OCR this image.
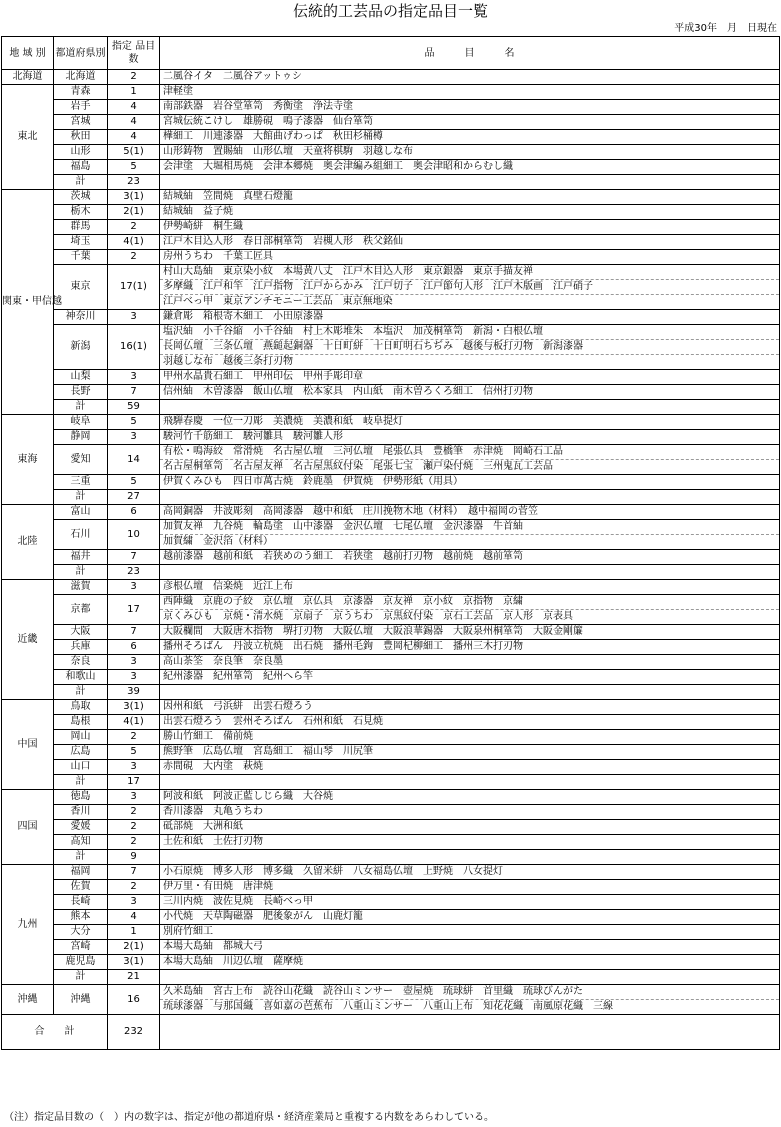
伝統的工芸品の指定品目一覧
平成30年　月　日現在
地 域 別	都道府県別	指定 品目 数	品　　　目　　　名
北海道	北海道	2	二風谷イタ　二風谷アットゥシ

東北	青森	1	津軽塗

	岩手	4	南部鉄器　岩谷堂箪笥　秀衡塗　浄法寺塗

	宮城	4	宮城伝統こけし　雄勝硯　鳴子漆器　仙台箪笥

	秋田	4	樺細工　川連漆器　大館曲げわっぱ　秋田杉桶樽

	山形	5(1)	山形鋳物　置賜紬　山形仏壇　天童将棋駒　羽越しな布

	福島	5	会津塗　大堀相馬焼　会津本郷焼　奥会津編み組細工　奥会津昭和からむし織

	計	23	
関東・甲信越	茨城	3(1)	結城紬　笠間焼　真壁石燈籠

	栃木	2(1)	結城紬　益子焼

	群馬	2	伊勢崎絣　桐生織

	埼玉	4(1)	江戸木目込人形　春日部桐箪笥　岩槻人形　秩父銘仙

	千葉	2	房州うちわ　千葉工匠具

	東京	17(1)	村山大島紬　東京染小紋　本場黄八丈　江戸木目込人形　東京銀器　東京手描友禅
多摩織　江戸和竿　江戸指物　江戸からかみ　江戸切子　江戸節句人形　江戸木版画　江戸硝子
江戸べっ甲　東京アンチモニー工芸品　東京無地染

	神奈川	3	鎌倉彫　箱根寄木細工　小田原漆器

	新潟	16(1)	塩沢紬　小千谷縮　小千谷紬　村上木彫堆朱　本塩沢　加茂桐箪笥　新潟・白根仏壇
長岡仏壇　三条仏壇　燕鎚起銅器　十日町絣　十日町明石ちぢみ　越後与板打刃物　新潟漆器
羽越しな布　越後三条打刃物

	山梨	3	甲州水晶貴石細工　甲州印伝　甲州手彫印章

	長野	7	信州紬　木曽漆器　飯山仏壇　松本家具　内山紙　南木曽ろくろ細工　信州打刃物

	計	59	
東海	岐阜	5	飛騨春慶　一位一刀彫　美濃焼　美濃和紙　岐阜提灯

	静岡	3	駿河竹千筋細工　駿河雛具　駿河雛人形

	愛知	14	有松・鳴海絞　常滑焼　名古屋仏壇　三河仏壇　尾張仏具　豊橋筆　赤津焼　岡崎石工品
名古屋桐箪笥　名古屋友禅　名古屋黒紋付染　尾張七宝　瀬戸染付焼　三州鬼瓦工芸品

	三重	5	伊賀くみひも　四日市萬古焼　鈴鹿墨　伊賀焼　伊勢形紙（用具）

	計	27	
北陸	富山	6	高岡銅器　井波彫刻　高岡漆器　越中和紙　庄川挽物木地（材料）　越中福岡の菅笠

	石川	10	加賀友禅　九谷焼　輪島塗　山中漆器　金沢仏壇　七尾仏壇　金沢漆器　牛首紬
加賀繍　金沢箔（材料）

	福井	7	越前漆器　越前和紙　若狭めのう細工　若狭塗　越前打刃物　越前焼　越前箪笥

	計	23	
近畿	滋賀	3	彦根仏壇　信楽焼　近江上布

	京都	17	西陣織　京鹿の子絞　京仏壇　京仏具　京漆器　京友禅　京小紋　京指物　京繍
京くみひも　京焼・清水焼　京扇子　京うちわ　京黒紋付染　京石工芸品　京人形　京表具

	大阪	7	大阪欄間　大阪唐木指物　堺打刃物　大阪仏壇　大阪浪華錫器　大阪泉州桐箪笥　大阪金剛簾

	兵庫	6	播州そろばん　丹波立杭焼　出石焼　播州毛鉤　豊岡杞柳細工　播州三木打刃物

	奈良	3	高山茶筌　奈良筆　奈良墨

	和歌山	3	紀州漆器　紀州箪笥　紀州へら竿

	計	39	
中国	鳥取	3(1)	因州和紙　弓浜絣　出雲石燈ろう

	島根	4(1)	出雲石燈ろう　雲州そろばん　石州和紙　石見焼

	岡山	2	勝山竹細工　備前焼

	広島	5	熊野筆　広島仏壇　宮島細工　福山琴　川尻筆

	山口	3	赤間硯　大内塗　萩焼

	計	17	
四国	徳島	3	阿波和紙　阿波正藍しじら織　大谷焼

	香川	2	香川漆器　丸亀うちわ

	愛媛	2	砥部焼　大洲和紙

	高知	2	土佐和紙　土佐打刃物

	計	9	
九州	福岡	7	小石原焼　博多人形　博多織　久留米絣　八女福島仏壇　上野焼　八女提灯

	佐賀	2	伊万里・有田焼　唐津焼

	長崎	3	三川内焼　波佐見焼　長崎べっ甲

	熊本	4	小代焼　天草陶磁器　肥後象がん　山鹿灯籠

	大分	1	別府竹細工

	宮崎	2(1)	本場大島紬　都城大弓

	鹿児島	3(1)	本場大島紬　川辺仏壇　薩摩焼

	計	21	
沖縄	沖縄	16	久米島紬　宮古上布　読谷山花織　読谷山ミンサー　壺屋焼　琉球絣　首里織　琉球びんがた
琉球漆器　与那国織　喜如嘉の芭蕉布　八重山ミンサー　八重山上布　知花花織　南風原花織　三線

合　　計		232	
（注）指定品目数の（　）内の数字は、指定が他の都道府県・経済産業局と重複する内数をあらわしている。
